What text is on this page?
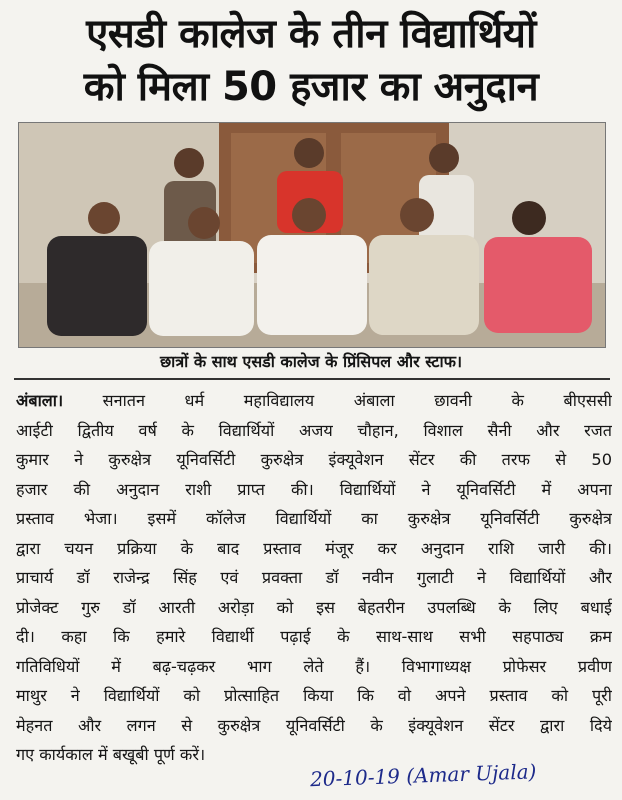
एसडी कालेज के तीन विद्यार्थियों
को मिला 50 हजार का अनुदान
छात्रों के साथ एसडी कालेज के प्रिंसिपल और स्टाफ।
अंबाला। सनातन धर्म महाविद्यालय अंबाला छावनी के बीएससी
आईटी द्वितीय वर्ष के विद्यार्थियों अजय चौहान, विशाल सैनी और रजत
कुमार ने कुरुक्षेत्र यूनिवर्सिटी कुरुक्षेत्र इंक्यूवेशन सेंटर की तरफ से 50
हजार की अनुदान राशी प्राप्त की। विद्यार्थियों ने यूनिवर्सिटी में अपना
प्रस्ताव भेजा। इसमें कॉलेज विद्यार्थियों का कुरुक्षेत्र यूनिवर्सिटी कुरुक्षेत्र
द्वारा चयन प्रक्रिया के बाद प्रस्ताव मंजूर कर अनुदान राशि जारी की।
प्राचार्य डॉ राजेन्द्र सिंह एवं प्रवक्ता डॉ नवीन गुलाटी ने विद्यार्थियों और
प्रोजेक्ट गुरु डॉ आरती अरोड़ा को इस बेहतरीन उपलब्धि के लिए बधाई
दी। कहा कि हमारे विद्यार्थी पढ़ाई के साथ-साथ सभी सहपाठ्य क्रम
गतिविधियों में बढ़-चढ़कर भाग लेते हैं। विभागाध्यक्ष प्रोफेसर प्रवीण
माथुर ने विद्यार्थियों को प्रोत्साहित किया कि वो अपने प्रस्ताव को पूरी
मेहनत और लगन से कुरुक्षेत्र यूनिवर्सिटी के इंक्यूवेशन सेंटर द्वारा दिये
गए कार्यकाल में बखूबी पूर्ण करें।
20-10-19 (Amar Ujala)
